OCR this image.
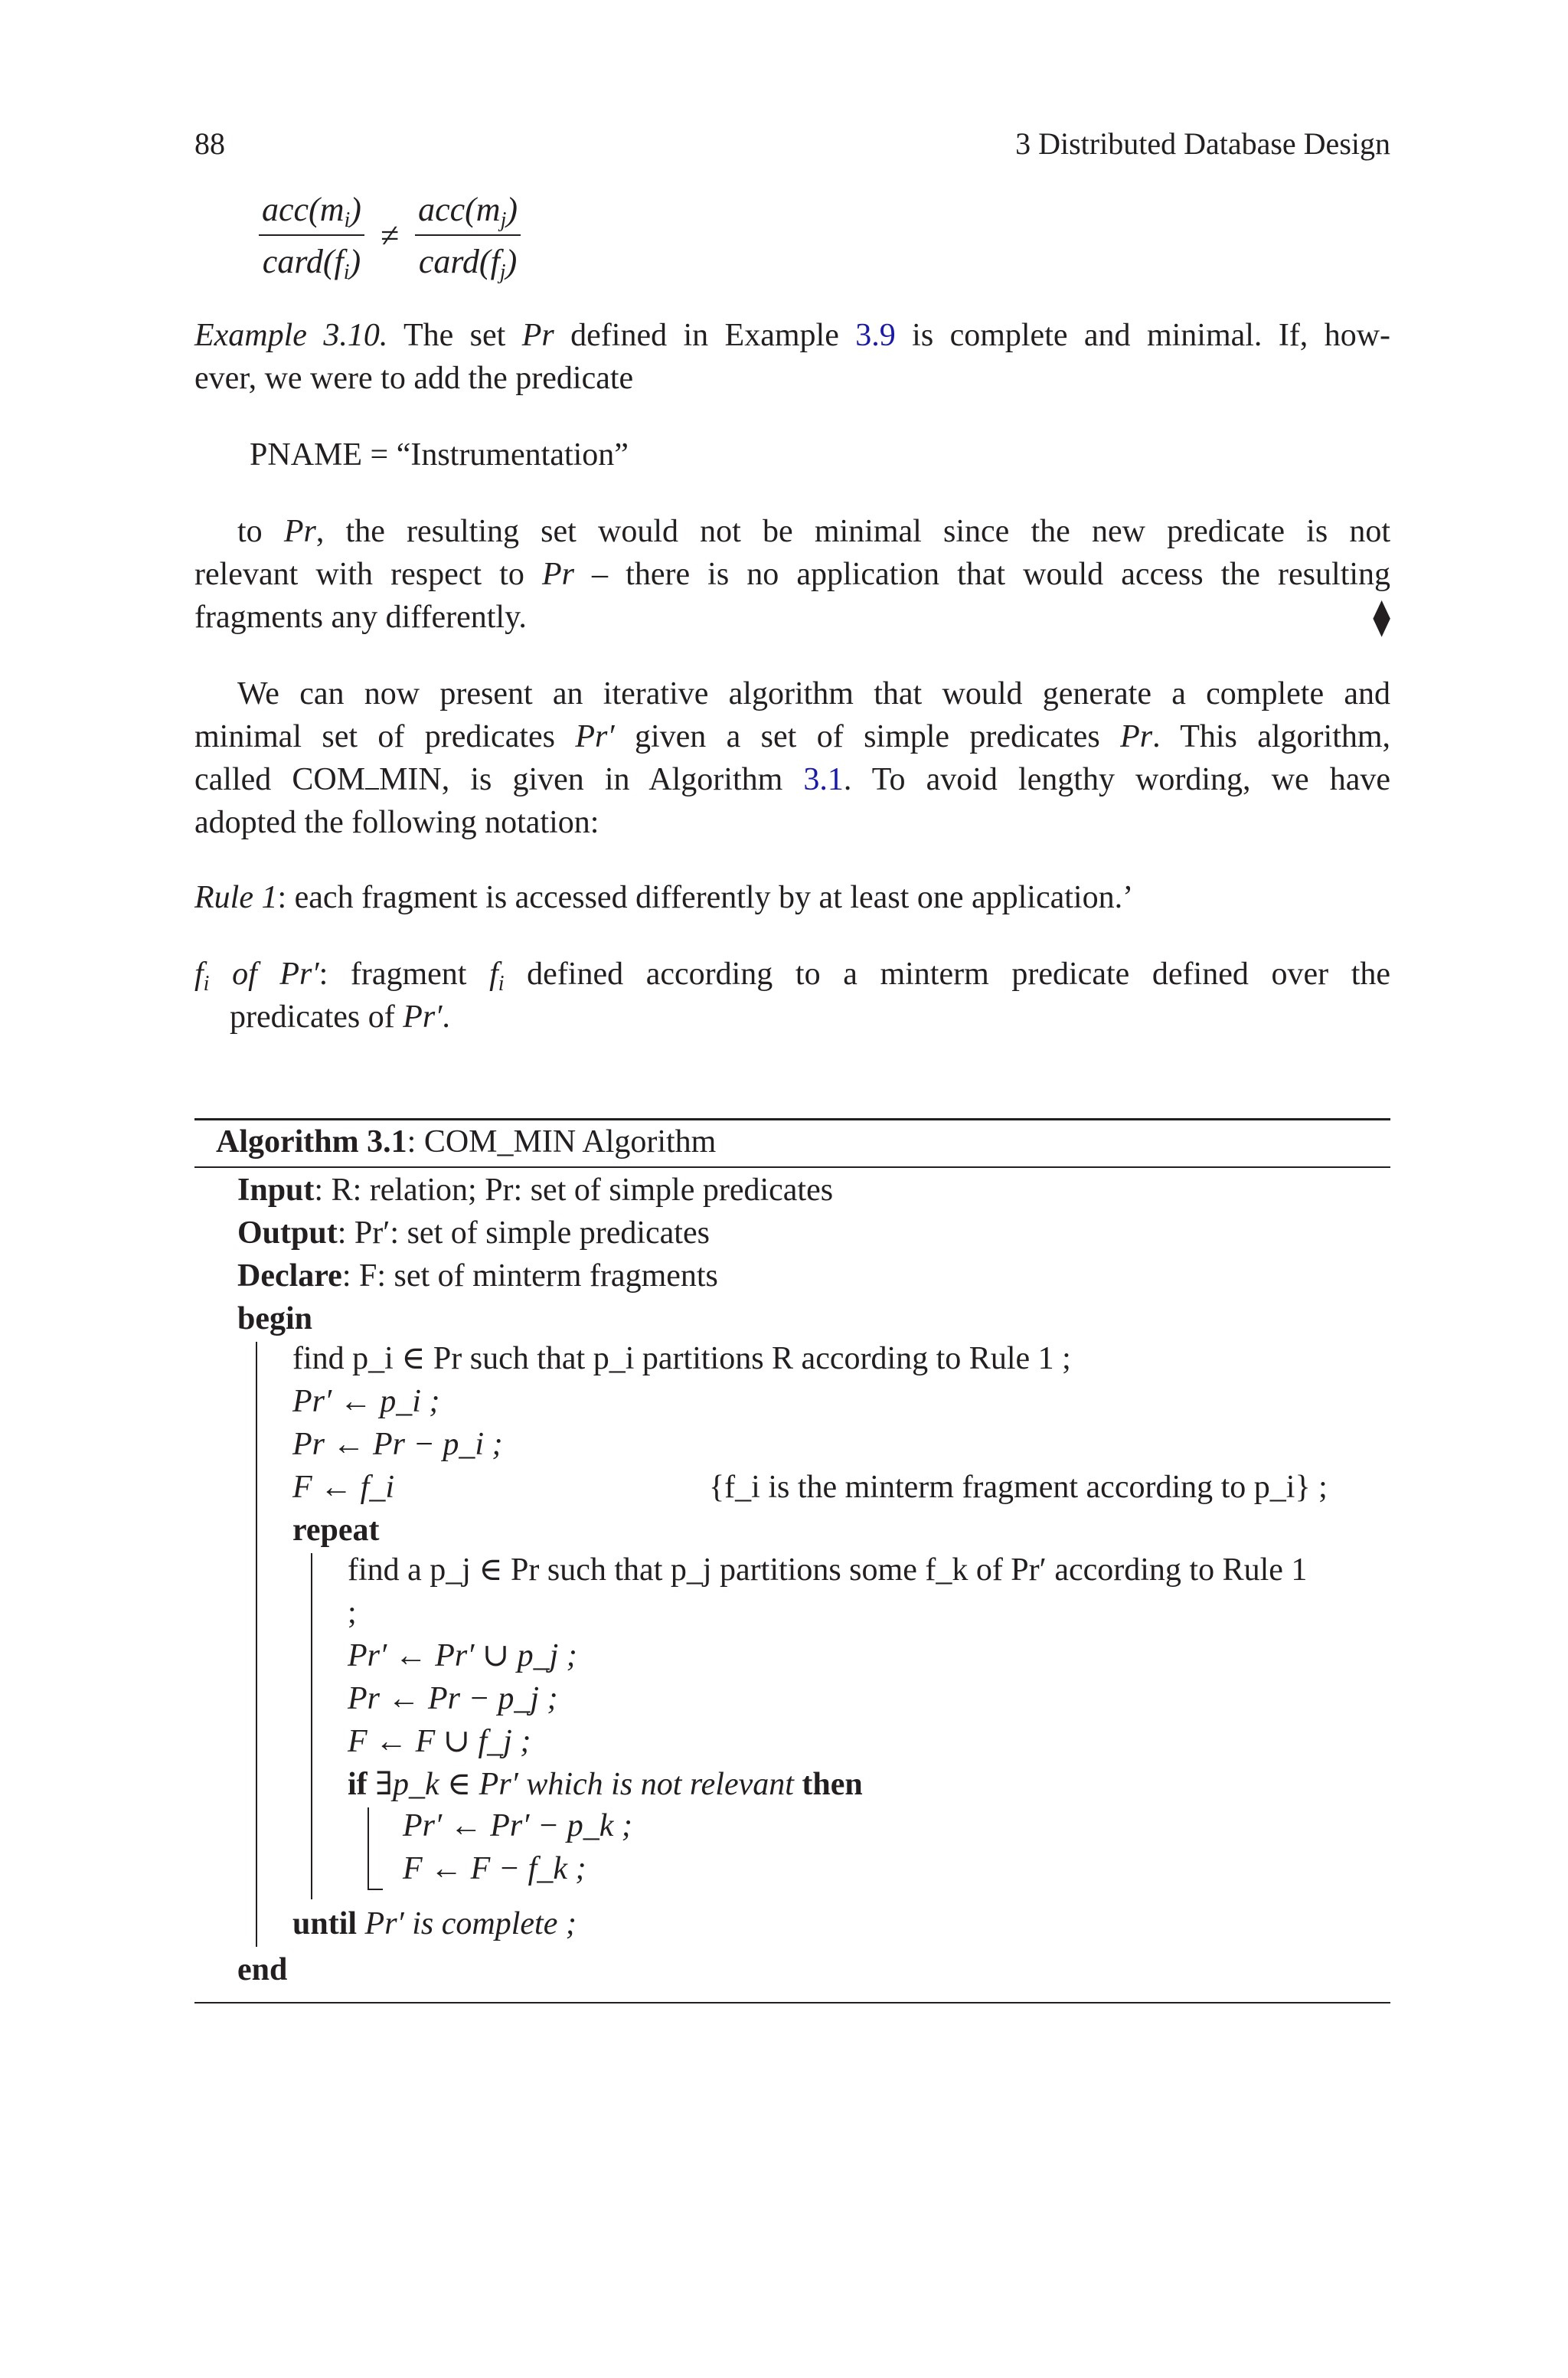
88	3 Distributed Database Design
$\frac{acc(m_i)}{card(f_i)} \ne \frac{acc(m_j)}{card(f_j)}$
Example 3.10. The set Pr defined in Example 3.9 is complete and minimal. If, how-
ever, we were to add the predicate
PNAME = “Instrumentation”
to Pr, the resulting set would not be minimal since the new predicate is not
relevant with respect to Pr – there is no application that would access the resulting
fragments any differently.	⧫
We can now present an iterative algorithm that would generate a complete and
minimal set of predicates Pr′ given a set of simple predicates Pr. This algorithm,
called COM MIN, is given in Algorithm 3.1. To avoid lengthy wording, we have
adopted the following notation:
Rule 1: each fragment is accessed differently by at least one application.’
$f_i$ of Pr′: fragment $f_i$ defined according to a minterm predicate defined over the
predicates of Pr′.
Algorithm 3.1: COM_MIN Algorithm
Input: R: relation; Pr: set of simple predicates
Output: Pr′: set of simple predicates
Declare: F: set of minterm fragments
begin
find p_i ∈ Pr such that p_i partitions R according to Rule 1 ;
Pr′ ← p_i ;
Pr ← Pr − p_i ;
F ← f_i	{f_i is the minterm fragment according to p_i} ;
repeat
find a p_j ∈ Pr such that p_j partitions some f_k of Pr′ according to Rule 1
;
Pr′ ← Pr′ ∪ p_j ;
Pr ← Pr − p_j ;
F ← F ∪ f_j ;
if ∃p_k ∈ Pr′ which is not relevant then
Pr′ ← Pr′ − p_k ;
F ← F − f_k ;
until Pr′ is complete ;
end
